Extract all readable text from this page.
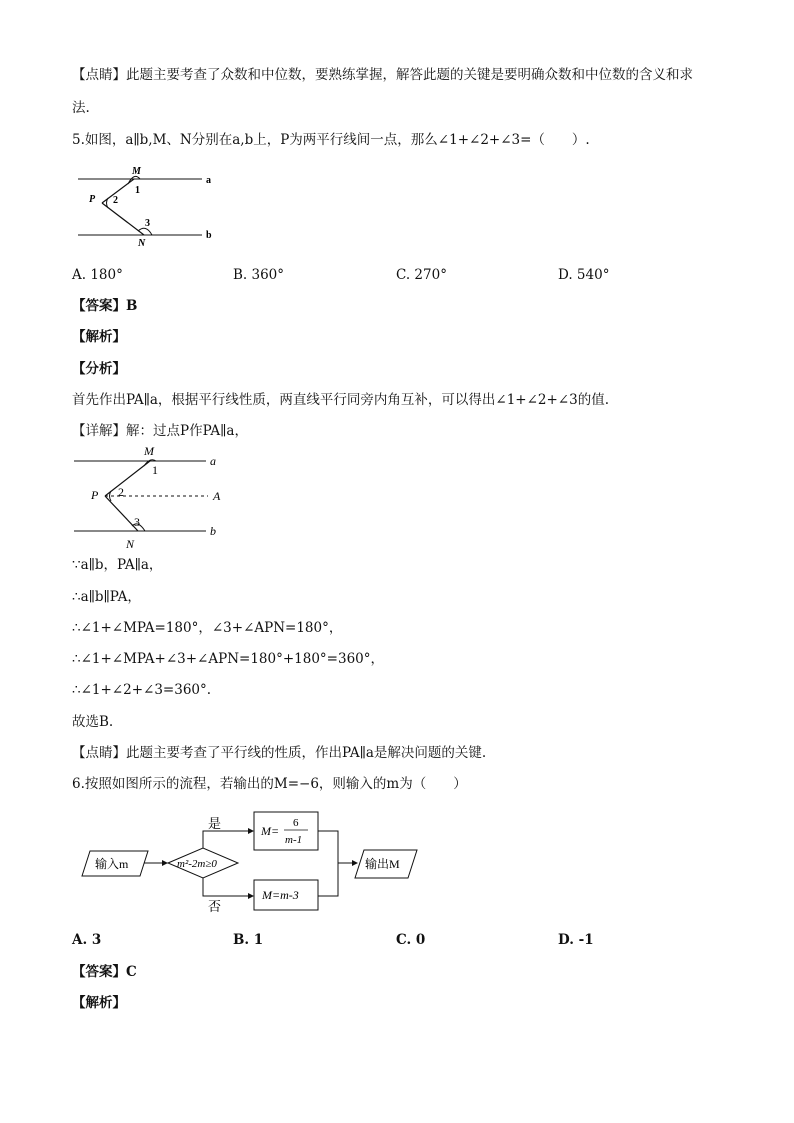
【点睛】此题主要考查了众数和中位数，要熟练掌握，解答此题的关键是要明确众数和中位数的含义和求
法.
5.如图，a∥b,M、N分别在a,b上，P为两平行线间一点，那么∠1+∠2+∠3=（　　）.
M
N
P
a
b
1
2
3
A. 180°	B. 360°	C. 270°	D. 540°
【答案】B
【解析】
【分析】
首先作出PA∥a，根据平行线性质，两直线平行同旁内角互补，可以得出∠1+∠2+∠3的值.
【详解】解：过点P作PA∥a，
M
N
P	A
a
b
1
2
3
∵a∥b，PA∥a，
∴a∥b∥PA，
∴∠1+∠MPA=180°，∠3+∠APN=180°，
∴∠1+∠MPA+∠3+∠APN=180°+180°=360°，
∴∠1+∠2+∠3=360°.
故选B.
【点睛】此题主要考查了平行线的性质，作出PA∥a是解决问题的关键.
6.按照如图所示的流程，若输出的M=−6，则输入的m为（　　）
输入m	m²-2m≥0
是
否
M=
6
m-1
M=m-3
输出M
A. 3	B. 1	C. 0	D. -1
【答案】C
【解析】
